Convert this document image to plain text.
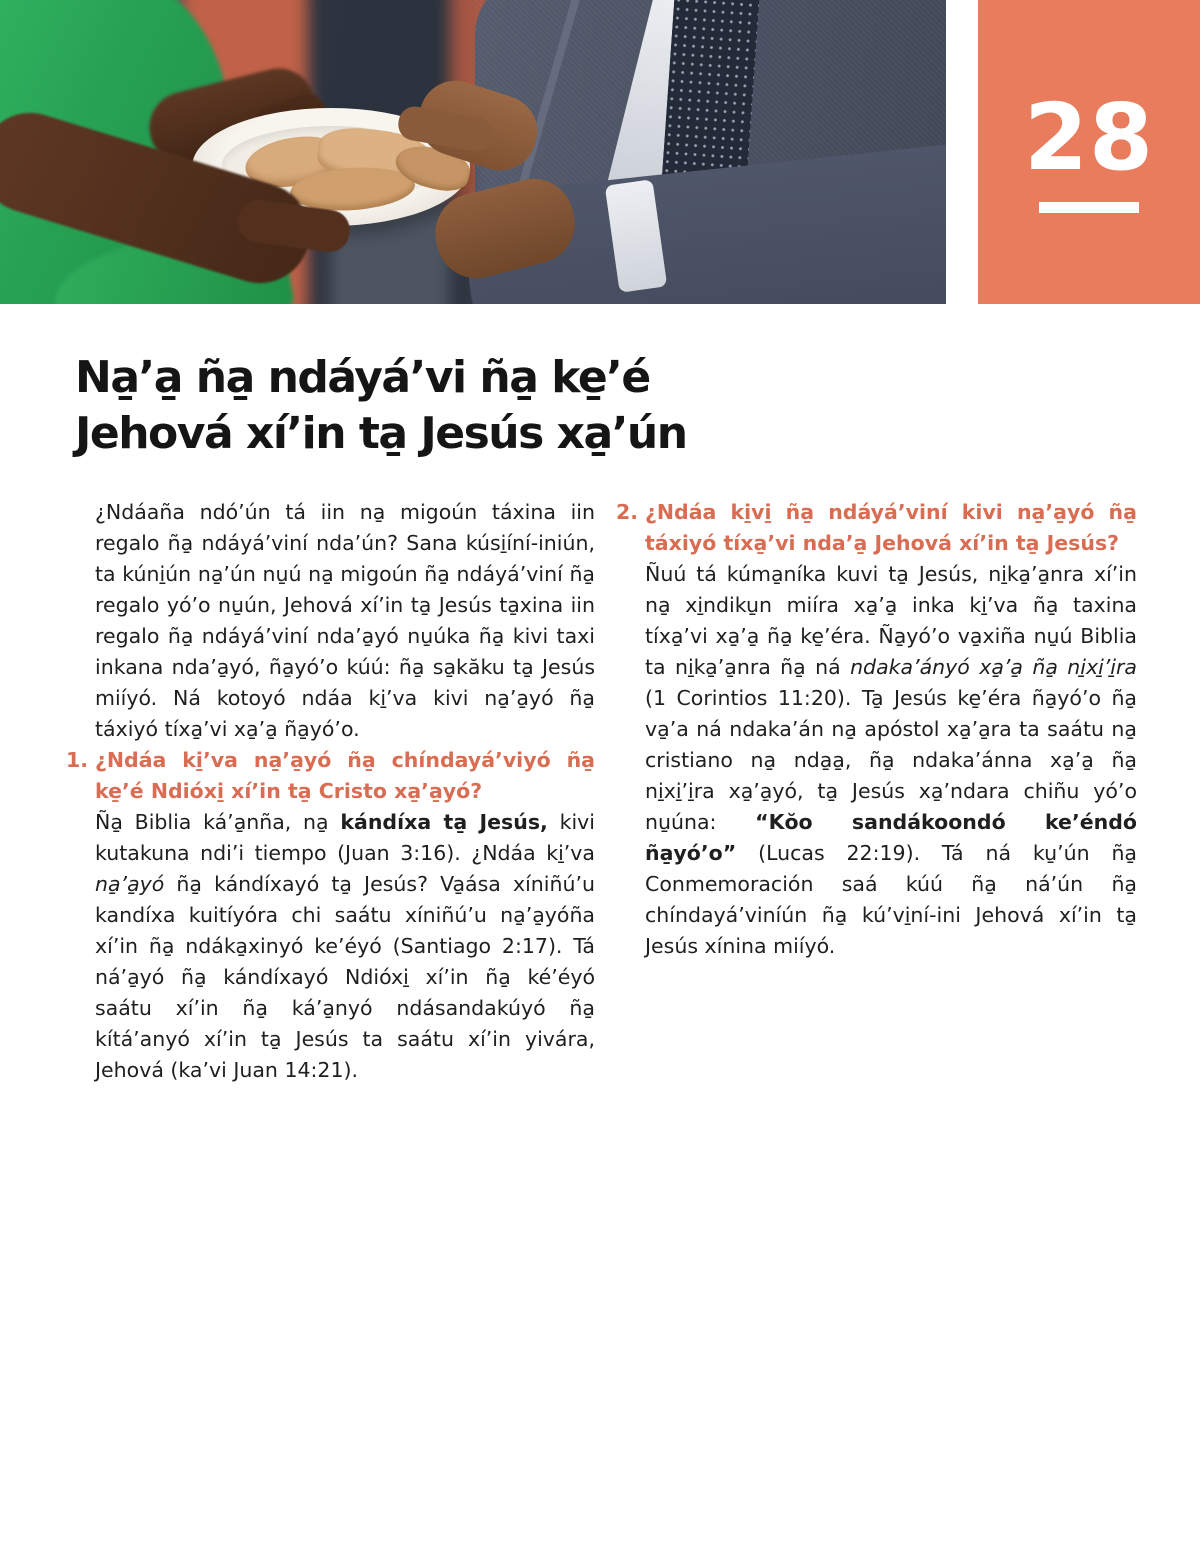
28
Na̱’a̱ ña̱ ndáyá’vi ña̱ ke̱’é
Jehová xí’in ta̱ Jesús xa̱’ún

¿Ndáaña ndó’ún tá iin na̱ migoún táxina iin regalo ña̱ ndáyá’viní nda’ún? Sana kúsi̱íní-iniún, ta kúni̱ún na̱’ún nu̱ú na̱ migoún ña̱ ndáyá’viní ña̱ regalo yó’o nu̱ún, Jehová xí’in ta̱ Jesús ta̱xina iin regalo ña̱ ndáyá’viní nda’a̱yó nu̱úka ña̱ kivi taxi inkana nda’a̱yó, ña̱yó’o kúú: ña̱ sa̱kăku ta̱ Jesús miíyó. Ná kotoyó ndáa ki̱’va kivi na̱’a̱yó ña̱ táxiyó tíxa̱’vi xa̱’a̱ ña̱yó’o.

1. ¿Ndáa ki̱’va na̱’a̱yó ña̱ chíndayá’viyó ña̱ ke̱’é Ndióxi̱ xí’in ta̱ Cristo xa̱’a̱yó?

Ña̱ Biblia ká’a̱nña, na̱ kándíxa ta̱ Jesús, kivi kutakuna ndi’i tiempo (Juan 3:16). ¿Ndáa ki̱’va na̱’a̱yó ña̱ kándíxayó ta̱ Jesús? Va̱ása xíniñú’u kandíxa kuitíyóra chi saátu xíniñú’u na̱’a̱yóña xí’in ña̱ ndáka̱xinyó ke’éyó (Santiago 2:17). Tá ná’a̱yó ña̱ kándíxayó Ndióxi̱ xí’in ña̱ ké’éyó saátu xí’in ña̱ ká’a̱nyó ndásandakúyó ña̱ kítá’anyó xí’in ta̱ Jesús ta saátu xí’in yivára, Jehová (ka’vi Juan 14:21).

2. ¿Ndáa ki̱vi̱ ña̱ ndáyá’viní kivi na̱’a̱yó ña̱ táxiyó tíxa̱’vi nda’a̱ Jehová xí’in ta̱ Jesús?

Ñuú tá kúma̱níka kuvi ta̱ Jesús, ni̱ka̱’a̱nra xí’in na̱ xi̱ndiku̱n miíra xa̱’a̱ inka ki̱’va ña̱ taxina tíxa̱’vi xa̱’a̱ ña̱ ke̱’éra. Ña̱yó’o va̱xiña nu̱ú Biblia ta ni̱ka̱’a̱nra ña̱ ná ndaka’ányó xa̱’a̱ ña̱ ni̱xi̱’i̱ra (1 Corintios 11:20). Ta̱ Jesús ke̱’éra ña̱yó’o ña̱ va̱’a ná ndaka’án na̱ apóstol xa̱’a̱ra ta saátu na̱ cristiano na̱ nda̱a̱, ña̱ ndaka’ánna xa̱’a̱ ña̱ ni̱xi̱’i̱ra xa̱’a̱yó, ta̱ Jesús xa̱’ndara chiñu yó’o nu̱úna: “Kŏo sandákoondó ke’éndó ña̱yó’o” (Lucas 22:19). Tá ná ku̱’ún ña̱ Conmemoración saá kúú ña̱ ná’ún ña̱ chíndayá’viníún ña̱ kú’vi̱ní-ini Jehová xí’in ta̱ Jesús xínina miíyó.
